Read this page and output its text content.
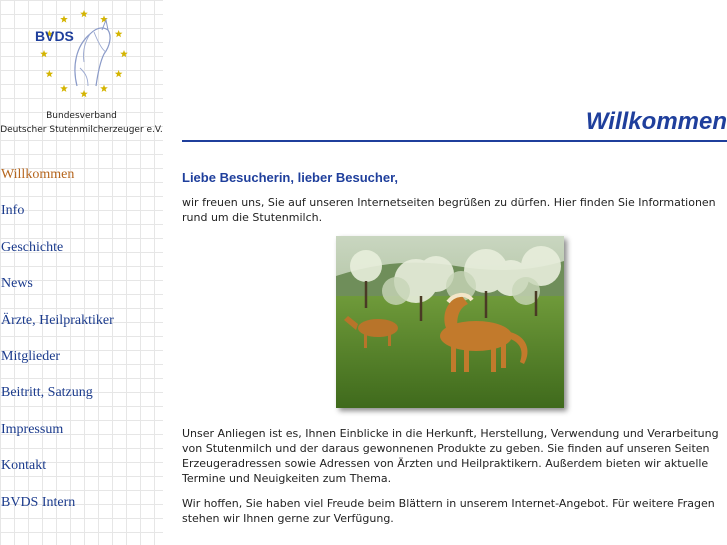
BVDS
Bundesverband
Deutscher Stutenmilcherzeuger e.V.
Willkommen
Info
Geschichte
News
Ärzte, Heilpraktiker
Mitglieder
Beitritt, Satzung
Impressum
Kontakt
BVDS Intern
Willkommen
Liebe Besucherin, lieber Besucher,

wir freuen uns, Sie auf unseren Internetseiten begrüßen zu dürfen. Hier finden Sie Informationen rund um die Stutenmilch.

Unser Anliegen ist es, Ihnen Einblicke in die Herkunft, Herstellung, Verwendung und Verarbeitung von Stutenmilch und der daraus gewonnenen Produkte zu geben. Sie finden auf unseren Seiten Erzeugeradressen sowie Adressen von Ärzten und Heilpraktikern. Außerdem bieten wir aktuelle Termine und Neuigkeiten zum Thema.

Wir hoffen, Sie haben viel Freude beim Blättern in unserem Internet-Angebot. Für weitere Fragen stehen wir Ihnen gerne zur Verfügung.
